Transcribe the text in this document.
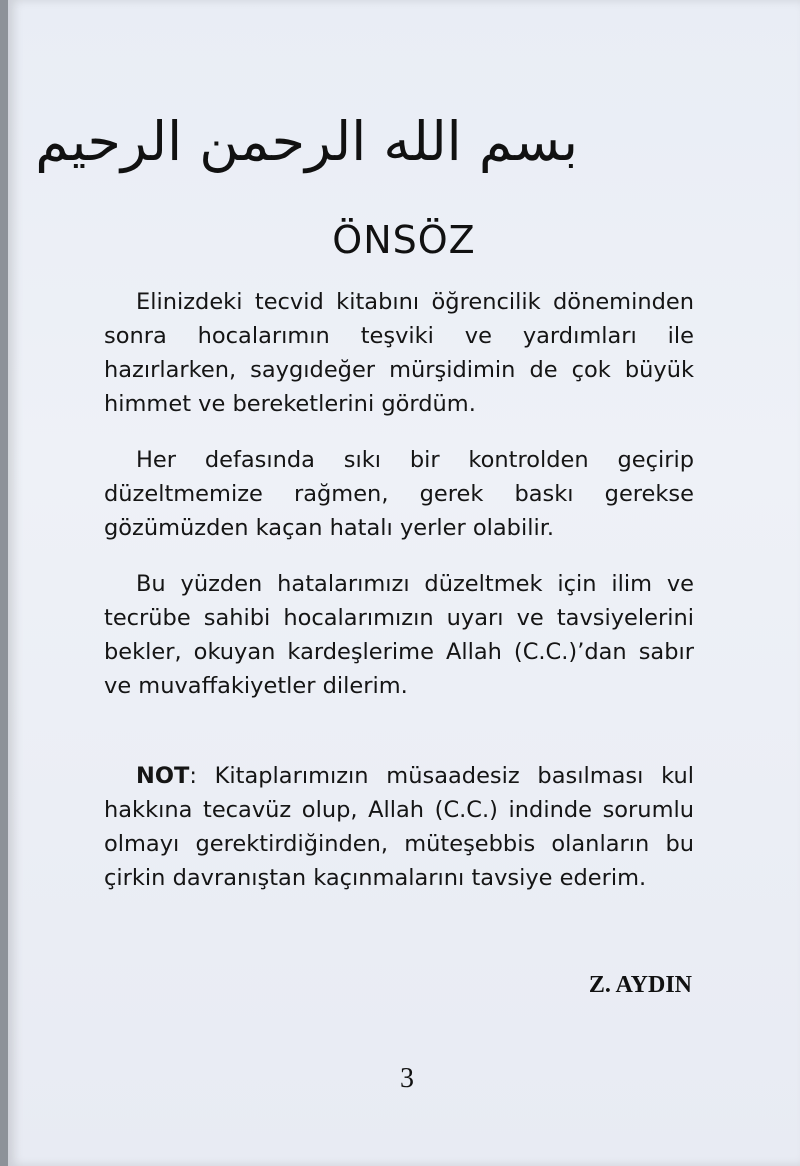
بسم الله الرحمن الرحيم
ÖNSÖZ

Elinizdeki tecvid kitabını öğrencilik döneminden sonra hocalarımın teşviki ve yardımları ile hazırlarken, saygıdeğer mürşidimin de çok büyük himmet ve bereketlerini gördüm.

Her defasında sıkı bir kontrolden geçirip düzeltmemize rağmen, gerek baskı gerekse gözümüzden kaçan hatalı yerler olabilir.

Bu yüzden hatalarımızı düzeltmek için ilim ve tecrübe sahibi hocalarımızın uyarı ve tavsiyelerini bekler, okuyan kardeşlerime Allah (C.C.)’dan sabır ve muvaffakiyetler dilerim.

NOT: Kitaplarımızın müsaadesiz basılması kul hakkına tecavüz olup, Allah (C.C.) indinde sorumlu olmayı gerektirdiğinden, müteşebbis olanların bu çirkin davranıştan kaçınmalarını tavsiye ederim.

Z. AYDIN
3
